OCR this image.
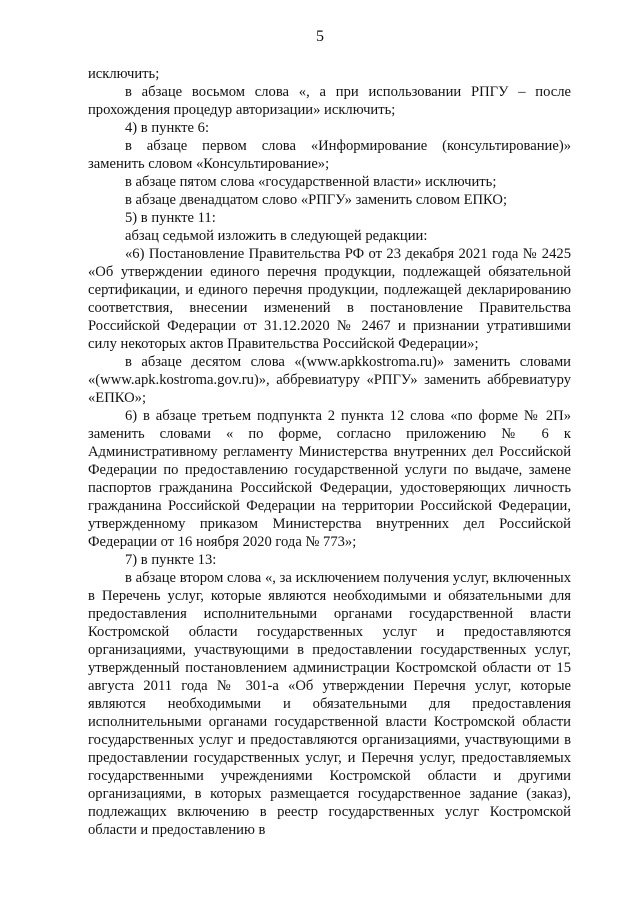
5

исключить;

в абзаце восьмом слова «, а при использовании РПГУ – после прохождения процедур авторизации» исключить;

4) в пункте 6:

в абзаце первом слова «Информирование (консультирование)» заменить словом «Консультирование»;

в абзаце пятом слова «государственной власти» исключить;

в абзаце двенадцатом слово «РПГУ» заменить словом ЕПКО;

5) в пункте 11:

абзац седьмой изложить в следующей редакции:

«6) Постановление Правительства РФ от 23 декабря 2021 года № 2425 «Об утверждении единого перечня продукции, подлежащей обязательной сертификации, и единого перечня продукции, подлежащей декларированию соответствия, внесении изменений в постановление Правительства Российской Федерации от 31.12.2020 № 2467 и признании утратившими силу некоторых актов Правительства Российской Федерации»;

в абзаце десятом слова «(www.apkkostroma.ru)» заменить словами «(www.apk.kostroma.gov.ru)», аббревиатуру «РПГУ» заменить аббревиатуру «ЕПКО»;

6) в абзаце третьем подпункта 2 пункта 12 слова «по форме № 2П» заменить словами « по форме, согласно приложению № 6 к Административному регламенту Министерства внутренних дел Российской Федерации по предоставлению государственной услуги по выдаче, замене паспортов гражданина Российской Федерации, удостоверяющих личность гражданина Российской Федерации на территории Российской Федерации, утвержденному приказом Министерства внутренних дел Российской Федерации от 16 ноября 2020 года № 773»;

7) в пункте 13:

в абзаце втором слова «, за исключением получения услуг, включенных в Перечень услуг, которые являются необходимыми и обязательными для предоставления исполнительными органами государственной власти Костромской области государственных услуг и предоставляются организациями, участвующими в предоставлении государственных услуг, утвержденный постановлением администрации Костромской области от 15 августа 2011 года № 301-а «Об утверждении Перечня услуг, которые являются необходимыми и обязательными для предоставления исполнительными органами государственной власти Костромской области государственных услуг и предоставляются организациями, участвующими в предоставлении государственных услуг, и Перечня услуг, предоставляемых государственными учреждениями Костромской области и другими организациями, в которых размещается государственное задание (заказ), подлежащих включению в реестр государственных услуг Костромской области и предоставлению в
